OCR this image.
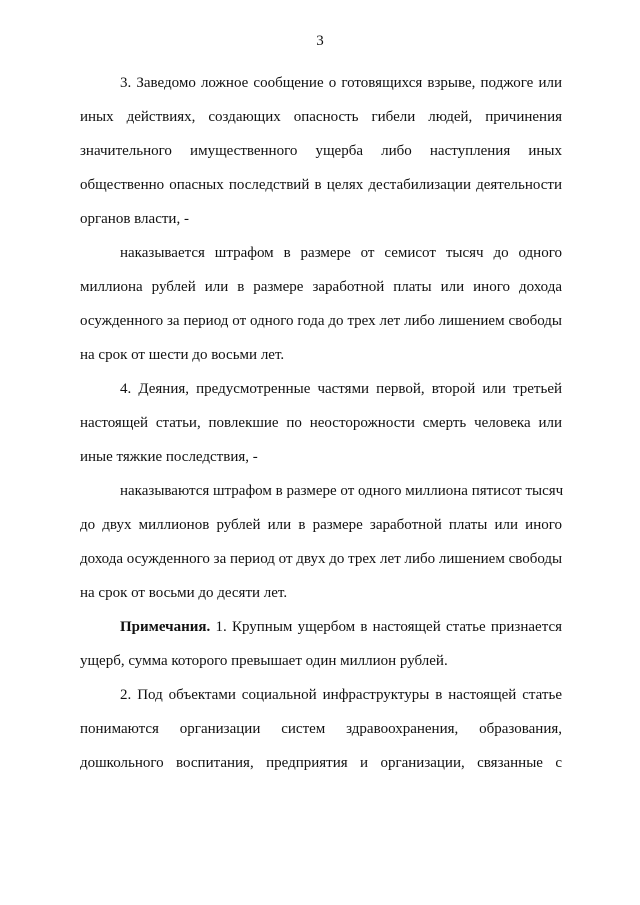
3
3. Заведомо ложное сообщение о готовящихся взрыве, поджоге или
иных действиях, создающих опасность гибели людей, причинения
значительного имущественного ущерба либо наступления иных
общественно опасных последствий в целях дестабилизации деятельности
органов власти, -
наказывается штрафом в размере от семисот тысяч до одного
миллиона рублей или в размере заработной платы или иного дохода
осужденного за период от одного года до трех лет либо лишением свободы
на срок от шести до восьми лет.
4. Деяния, предусмотренные частями первой, второй или третьей
настоящей статьи, повлекшие по неосторожности смерть человека или
иные тяжкие последствия, -
наказываются штрафом в размере от одного миллиона пятисот тысяч
до двух миллионов рублей или в размере заработной платы или иного
дохода осужденного за период от двух до трех лет либо лишением свободы
на срок от восьми до десяти лет.
Примечания. 1. Крупным ущербом в настоящей статье признается
ущерб, сумма которого превышает один миллион рублей.
2. Под объектами социальной инфраструктуры в настоящей статье
понимаются организации систем здравоохранения, образования,
дошкольного воспитания, предприятия и организации, связанные с
